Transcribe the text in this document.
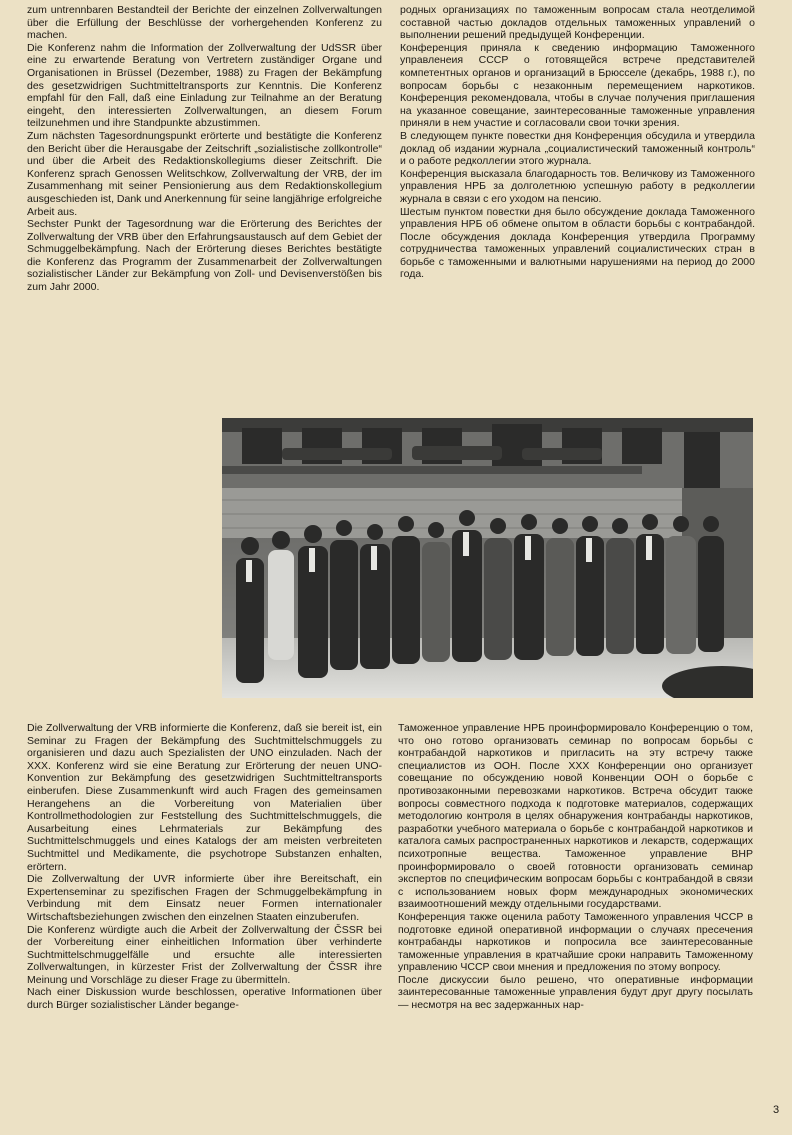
zum untrennbaren Bestandteil der Berichte der einzelnen Zollverwaltungen über die Erfüllung der Beschlüsse der vorhergehenden Konferenz zu machen.

Die Konferenz nahm die Information der Zollverwaltung der UdSSR über eine zu erwartende Beratung von Vertretern zuständiger Organe und Organisationen in Brüssel (Dezember, 1988) zu Fragen der Bekämpfung des gesetzwidrigen Suchtmitteltransports zur Kenntnis. Die Konferenz empfahl für den Fall, daß eine Einladung zur Teilnahme an der Beratung eingeht, den interessierten Zollverwaltungen, an diesem Forum teilzunehmen und ihre Standpunkte abzustimmen.

Zum nächsten Tagesordnungspunkt erörterte und bestätigte die Konferenz den Bericht über die Herausgabe der Zeitschrift „sozialistische zollkontrolle“ und über die Arbeit des Redaktionskollegiums dieser Zeitschrift. Die Konferenz sprach Genossen Welitschkow, Zollverwaltung der VRB, der im Zusammenhang mit seiner Pensionierung aus dem Redaktionskollegium ausgeschieden ist, Dank und Anerkennung für seine langjährige erfolgreiche Arbeit aus.

Sechster Punkt der Tagesordnung war die Erörterung des Berichtes der Zollverwaltung der VRB über den Erfahrungsaustausch auf dem Gebiet der Schmuggelbekämpfung. Nach der Erörterung dieses Berichtes bestätigte die Konferenz das Programm der Zusammenarbeit der Zollverwaltungen sozialistischer Länder zur Bekämpfung von Zoll- und Devisenverstößen bis zum Jahr 2000.

родных организациях по таможенным вопросам стала неотделимой составной частью докладов отдельных таможенных управлений о выполнении решений предыдущей Конференции.

Конференция приняла к сведению информацию Таможенного управленеия СССР о готовящейся встрече представителей компетентных органов и организаций в Брюсселе (декабрь, 1988 г.), по вопросам борьбы с незаконным перемещением наркотиков. Конференция рекомендовала, чтобы в случае получения приглашения на указанное совещание, заинтересованные таможенные управления приняли в нем участие и согласовали свои точки зрения.

В следующем пункте повестки дня Конференция обсудила и утвердила доклад об издании журнала „социалистический таможенный контроль“ и о работе редколлегии этого журнала.

Конференция высказала благодарность тов. Величкову из Таможенного управления НРБ за долголетнюю успешную работу в редколлегии журнала в связи с его уходом на пенсию.

Шестым пунктом повестки дня было обсуждение доклада Таможенного управления НРБ об обмене опытом в области борьбы с контрабандой. После обсуждения доклада Конференция утвердила Программу сотрудничества таможенных управлений социалистических стран в борьбе с таможенными и валютными нарушениями на период до 2000 года.

Die Zollverwaltung der VRB informierte die Konferenz, daß sie bereit ist, ein Seminar zu Fragen der Bekämpfung des Suchtmittelschmuggels zu organisieren und dazu auch Spezialisten der UNO einzuladen. Nach der XXX. Konferenz wird sie eine Beratung zur Erörterung der neuen UNO-Konvention zur Bekämpfung des gesetzwidrigen Suchtmitteltransports einberufen. Diese Zusammenkunft wird auch Fragen des gemeinsamen Herangehens an die Vorbereitung von Materialien über Kontrollmethodologien zur Feststellung des Suchtmittelschmuggels, die Ausarbeitung eines Lehrmaterials zur Bekämpfung des Suchtmittelschmuggels und eines Katalogs der am meisten verbreiteten Suchtmittel und Medikamente, die psychotrope Substanzen enhalten, erörtern.

Die Zollverwaltung der UVR informierte über ihre Bereitschaft, ein Expertenseminar zu spezifischen Fragen der Schmuggelbekämpfung in Verbindung mit dem Einsatz neuer Formen internationaler Wirtschaftsbeziehungen zwischen den einzelnen Staaten einzuberufen.

Die Konferenz würdigte auch die Arbeit der Zollverwaltung der ČSSR bei der Vorbereitung einer einheitlichen Information über verhinderte Suchtmittelschmuggelfälle und ersuchte alle interessierten Zollverwaltungen, in kürzester Frist der Zollverwaltung der ČSSR ihre Meinung und Vorschläge zu dieser Frage zu übermitteln.

Nach einer Diskussion wurde beschlossen, operative Informationen über durch Bürger sozialistischer Länder begange-

Таможенное управление НРБ проинформировало Конференцию о том, что оно готово организовать семинар по вопросам борьбы с контрабандой наркотиков и пригласить на эту встречу также специалистов из ООН. После XXX Конференции оно организует совещание по обсуждению новой Конвенции ООН о борьбе с противозаконными перевозками наркотиков. Встреча обсудит также вопросы совместного подхода к подготовке материалов, содержащих методологию контроля в целях обнаружения контрабанды наркотиков, разработки учебного материала о борьбе с контрабандой наркотиков и каталога самых распространенных наркотиков и лекарств, содержащих психотропные вещества. Таможенное управление ВНР проинформировало о своей готовности организовать семинар экспертов по специфическим вопросам борьбы с контрабандой в связи с использованием новых форм международных экономических взаимоотношений между отдельными государствами.

Конференция также оценила работу Таможенного управления ЧССР в подготовке единой оперативной информации о случаях пресечения контрабанды наркотиков и попросила все заинтересованные таможенные управления в кратчайшие сроки направить Таможенному управлению ЧССР свои мнения и предложения по этому вопросу.

После дискуссии было решено, что оперативные информации заинтересованные таможенные управления будут друг другу посылать — несмотря на вес задержанных нар-

3
